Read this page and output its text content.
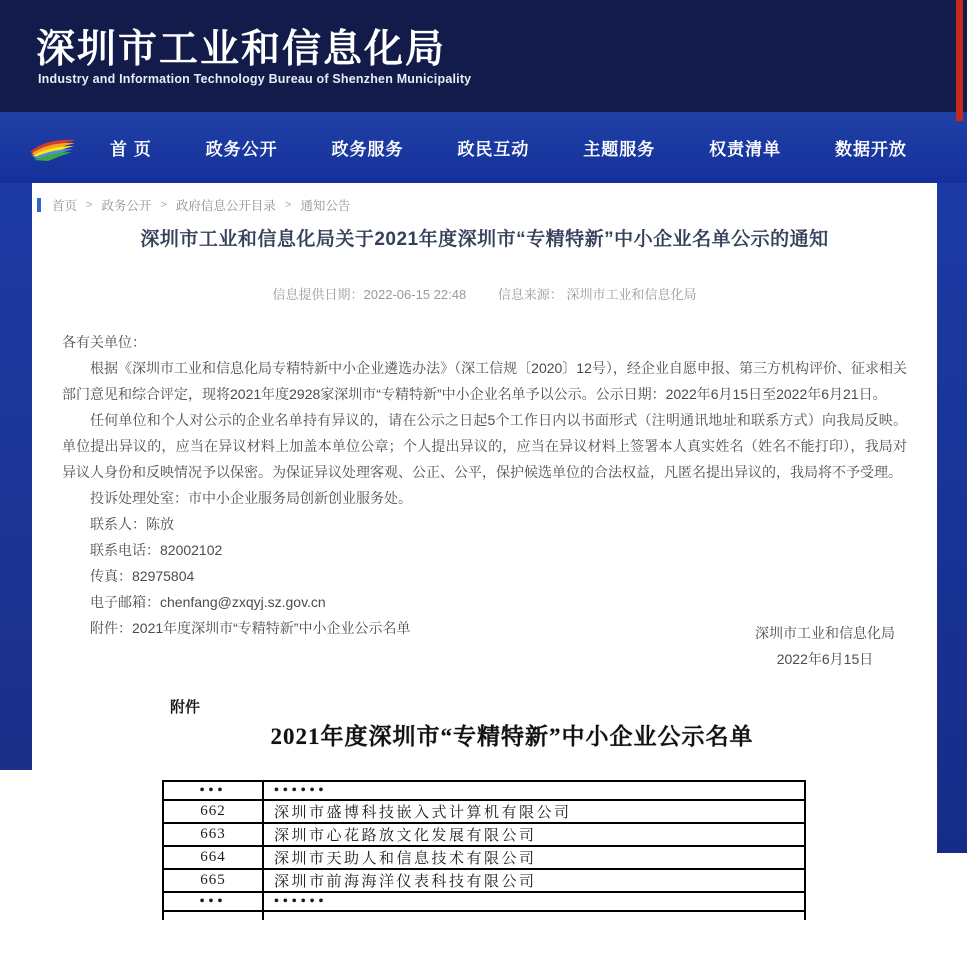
深圳市工业和信息化局
Industry and Information Technology Bureau of Shenzhen Municipality
首 页	政务公开	政务服务	政民互动	主题服务	权责清单	数据开放
首页 > 政务公开 > 政府信息公开目录 > 通知公告
深圳市工业和信息化局关于2021年度深圳市“专精特新”中小企业名单公示的通知
信息提供日期：2022-06-15 22:48 信息来源： 深圳市工业和信息化局
各有关单位：
根据《深圳市工业和信息化局专精特新中小企业遴选办法》（深工信规〔2020〕12号），经企业自愿申报、第三方机构评价、征求相关部门意见和综合评定，现将2021年度2928家深圳市“专精特新”中小企业名单予以公示。公示日期：2022年6月15日至2022年6月21日。
任何单位和个人对公示的企业名单持有异议的，请在公示之日起5个工作日内以书面形式（注明通讯地址和联系方式）向我局反映。单位提出异议的，应当在异议材料上加盖本单位公章；个人提出异议的，应当在异议材料上签署本人真实姓名（姓名不能打印），我局对异议人身份和反映情况予以保密。为保证异议处理客观、公正、公平，保护候选单位的合法权益，凡匿名提出异议的，我局将不予受理。
投诉处理处室：市中小企业服务局创新创业服务处。
联系人：陈放
联系电话：82002102
传真：82975804
电子邮箱：chenfang@zxqyj.sz.gov.cn
附件：2021年度深圳市“专精特新”中小企业公示名单	深圳市工业和信息化局
2022年6月15日
附件
2021年度深圳市“专精特新”中小企业公示名单
•••	••••••
662	深圳市盛博科技嵌入式计算机有限公司
663	深圳市心花路放文化发展有限公司
664	深圳市天助人和信息技术有限公司
665	深圳市前海海洋仪表科技有限公司
•••	••••••
